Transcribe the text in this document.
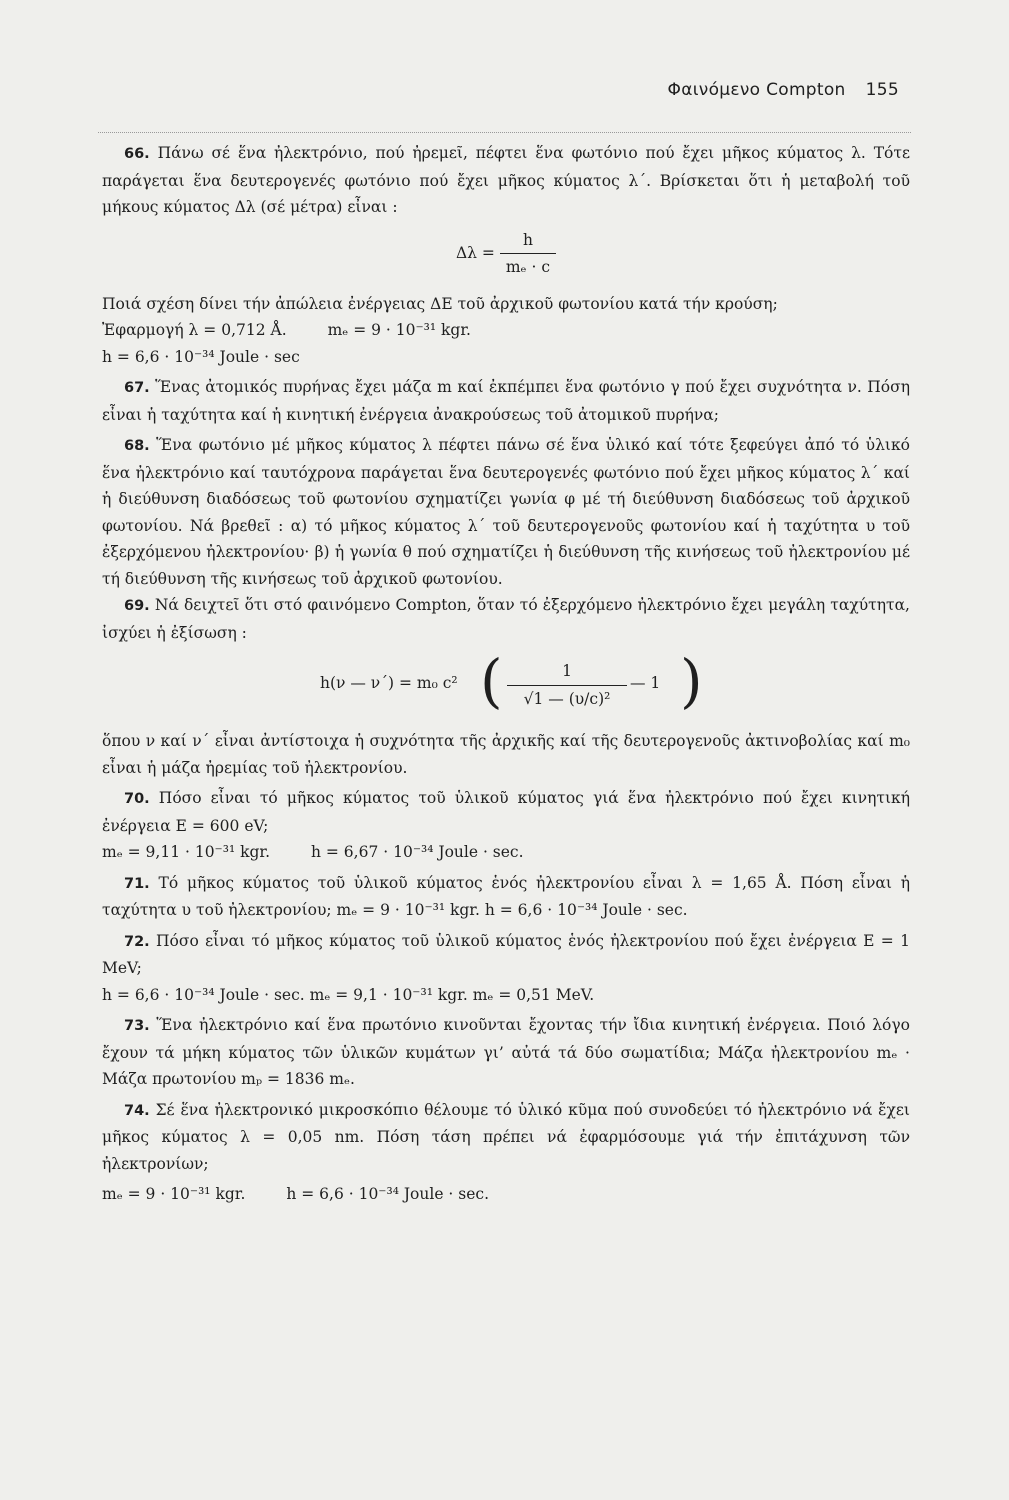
Φαινόμενο Compton 155

66. Πάνω σέ ἕνα ἠλεκτρόνιο, πού ἠρεμεῖ, πέφτει ἕνα φωτόνιο πού ἔχει μῆκος κύματος λ. Τότε παράγεται ἕνα δευτερογενές φωτόνιο πού ἔχει μῆκος κύματος λ΄. Βρίσκεται ὅτι ἡ μεταβολή τοῦ μήκους κύματος Δλ (σέ μέτρα) εἶναι :

$\Delta\lambda = \frac{h}{\text{mₑ · c}}$

Ποιά σχέση δίνει τήν ἀπώλεια ἐνέργειας ΔΕ τοῦ ἀρχικοῦ φωτονίου κατά τήν κρούση;

Ἐφαρμογή λ = 0,712 Å.	mₑ = 9 · 10⁻³¹ kgr.

h = 6,6 · 10⁻³⁴ Joule · sec

67. Ἕνας ἀτομικός πυρήνας ἔχει μάζα m καί ἐκπέμπει ἕνα φωτόνιο γ πού ἔχει συχνότητα ν. Πόση εἶναι ἡ ταχύτητα καί ἡ κινητική ἐνέργεια ἀνακρούσεως τοῦ ἀτομικοῦ πυρήνα;

68. Ἕνα φωτόνιο μέ μῆκος κύματος λ πέφτει πάνω σέ ἕνα ὑλικό καί τότε ξεφεύγει ἀπό τό ὑλικό ἕνα ἠλεκτρόνιο καί ταυτόχρονα παράγεται ἕνα δευτερογενές φωτόνιο πού ἔχει μῆκος κύματος λ΄ καί ἡ διεύθυνση διαδόσεως τοῦ φωτονίου σχηματίζει γωνία φ μέ τή διεύθυνση διαδόσεως τοῦ ἀρχικοῦ φωτονίου. Νά βρεθεῖ : α) τό μῆκος κύματος λ΄ τοῦ δευτερογενοῦς φωτονίου καί ἡ ταχύτητα υ τοῦ ἐξερχόμενου ἠλεκτρονίου· β) ἡ γωνία θ πού σχηματίζει ἡ διεύθυνση τῆς κινήσεως τοῦ ἠλεκτρονίου μέ τή διεύθυνση τῆς κινήσεως τοῦ ἀρχικοῦ φωτονίου.

69. Νά δειχτεῖ ὅτι στό φαινόμενο Compton, ὅταν τό ἐξερχόμενο ἠλεκτρόνιο ἔχει μεγάλη ταχύτητα, ἰσχύει ἡ ἐξίσωση :

h(ν — ν΄) = m₀ c² ( $\frac{1}{\text{√1 — (υ/c)²}}$ — 1 )

ὅπου ν καί ν΄ εἶναι ἀντίστοιχα ἡ συχνότητα τῆς ἀρχικῆς καί τῆς δευτερογενοῦς ἀκτινοβολίας καί m₀ εἶναι ἡ μάζα ἠρεμίας τοῦ ἠλεκτρονίου.

70. Πόσο εἶναι τό μῆκος κύματος τοῦ ὑλικοῦ κύματος γιά ἕνα ἠλεκτρόνιο πού ἔχει κινητική ἐνέργεια Ε = 600 eV;

mₑ = 9,11 · 10⁻³¹ kgr.	h = 6,67 · 10⁻³⁴ Joule · sec.

71. Τό μῆκος κύματος τοῦ ὑλικοῦ κύματος ἑνός ἠλεκτρονίου εἶναι λ = 1,65 Å. Πόση εἶναι ἡ ταχύτητα υ τοῦ ἠλεκτρονίου; mₑ = 9 · 10⁻³¹ kgr. h = 6,6 · 10⁻³⁴ Joule · sec.

72. Πόσο εἶναι τό μῆκος κύματος τοῦ ὑλικοῦ κύματος ἑνός ἠλεκτρονίου πού ἔχει ἐνέργεια Ε = 1 MeV;

h = 6,6 · 10⁻³⁴ Joule · sec. mₑ = 9,1 · 10⁻³¹ kgr. mₑ = 0,51 MeV.

73. Ἕνα ἠλεκτρόνιο καί ἕνα πρωτόνιο κινοῦνται ἔχοντας τήν ἴδια κινητική ἐνέργεια. Ποιό λόγο ἔχουν τά μήκη κύματος τῶν ὑλικῶν κυμάτων γι’ αὐτά τά δύο σωματίδια; Μάζα ἠλεκτρονίου mₑ · Μάζα πρωτονίου mₚ = 1836 mₑ.

74. Σέ ἕνα ἠλεκτρονικό μικροσκόπιο θέλουμε τό ὑλικό κῦμα πού συνοδεύει τό ἠλεκτρόνιο νά ἔχει μῆκος κύματος λ = 0,05 nm. Πόση τάση πρέπει νά ἐφαρμόσουμε γιά τήν ἐπιτάχυνση τῶν ἠλεκτρονίων;

mₑ = 9 · 10⁻³¹ kgr.	h = 6,6 · 10⁻³⁴ Joule · sec.
